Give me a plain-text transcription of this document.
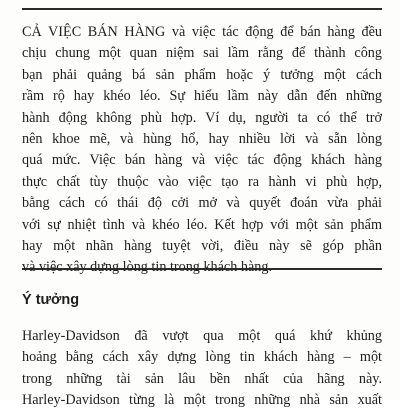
CẢ VIỆC BÁN HÀNG và việc tác động để bán hàng đều
chịu chung một quan niệm sai lầm rằng để thành công
bạn phải quảng bá sản phẩm hoặc ý tưởng một cách
rầm rộ hay khéo léo. Sự hiểu lầm này dẫn đến những
hành động không phù hợp. Ví dụ, người ta có thể trở
nên khoe mẽ, và hùng hổ, hay nhiều lời và sẵn lòng
quá mức. Việc bán hàng và việc tác động khách hàng
thực chất tùy thuộc vào việc tạo ra hành vi phù hợp,
bằng cách có thái độ cởi mở và quyết đoán vừa phải
với sự nhiệt tình và khéo léo. Kết hợp với một sản phẩm
hay một nhãn hàng tuyệt vời, điều này sẽ góp phần
và việc xây dựng lòng tin trong khách hàng.

Ý tưởng

Harley-Davidson đã vượt qua một quá khứ khủng
hoảng bằng cách xây dựng lòng tin khách hàng – một
trong những tài sản lâu bền nhất của hãng này.
Harley-Davidson từng là một trong những nhà sản xuất
